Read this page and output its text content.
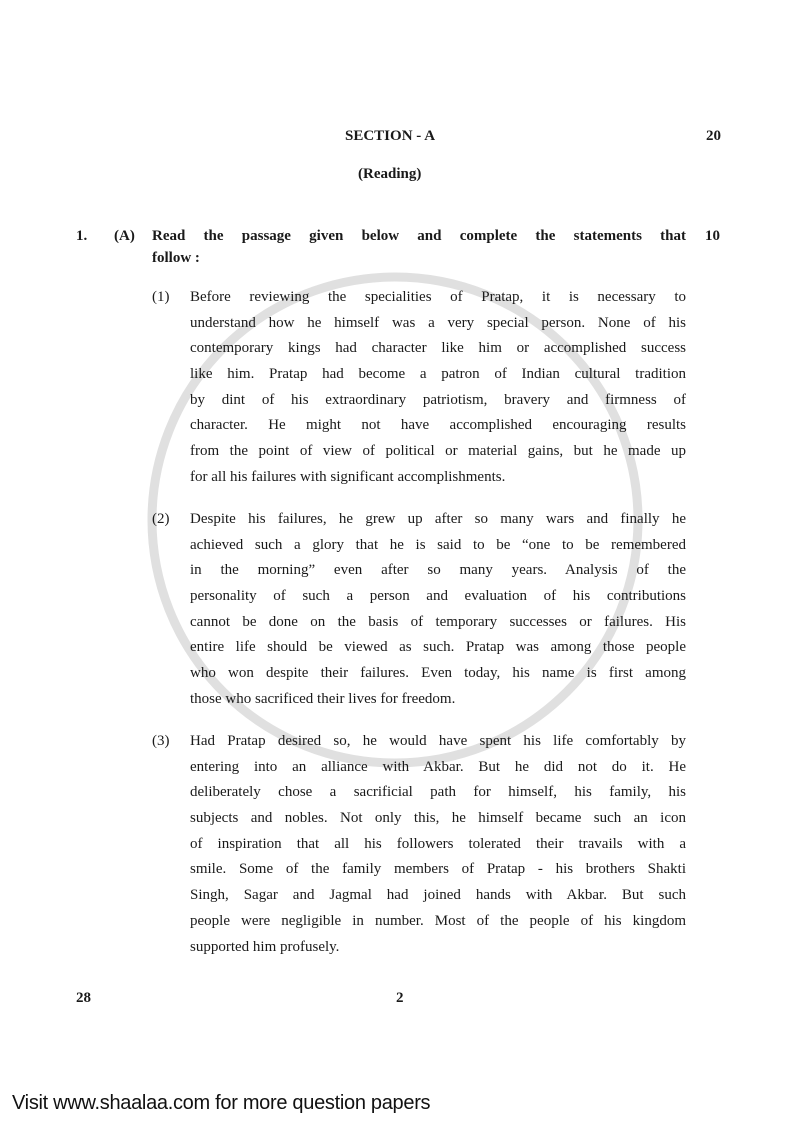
SECTION - A	20
(Reading)
1. (A) Read the passage given below and complete the statements that
follow :
10
(1)	Before reviewing the specialities of Pratap, it is necessary to
understand how he himself was a very special person. None of his
contemporary kings had character like him or accomplished success
like him. Pratap had become a patron of Indian cultural tradition
by dint of his extraordinary patriotism, bravery and firmness of
character. He might not have accomplished encouraging results
from the point of view of political or material gains, but he made up
for all his failures with significant accomplishments.
(2)	Despite his failures, he grew up after so many wars and finally he
achieved such a glory that he is said to be “one to be remembered
in the morning” even after so many years. Analysis of the
personality of such a person and evaluation of his contributions
cannot be done on the basis of temporary successes or failures. His
entire life should be viewed as such. Pratap was among those people
who won despite their failures. Even today, his name is first among
those who sacrificed their lives for freedom.
(3)	Had Pratap desired so, he would have spent his life comfortably by
entering into an alliance with Akbar. But he did not do it. He
deliberately chose a sacrificial path for himself, his family, his
subjects and nobles. Not only this, he himself became such an icon
of inspiration that all his followers tolerated their travails with a
smile. Some of the family members of Pratap - his brothers Shakti
Singh, Sagar and Jagmal had joined hands with Akbar. But such
people were negligible in number. Most of the people of his kingdom
supported him profusely.
28	2
Visit www.shaalaa.com for more question papers
